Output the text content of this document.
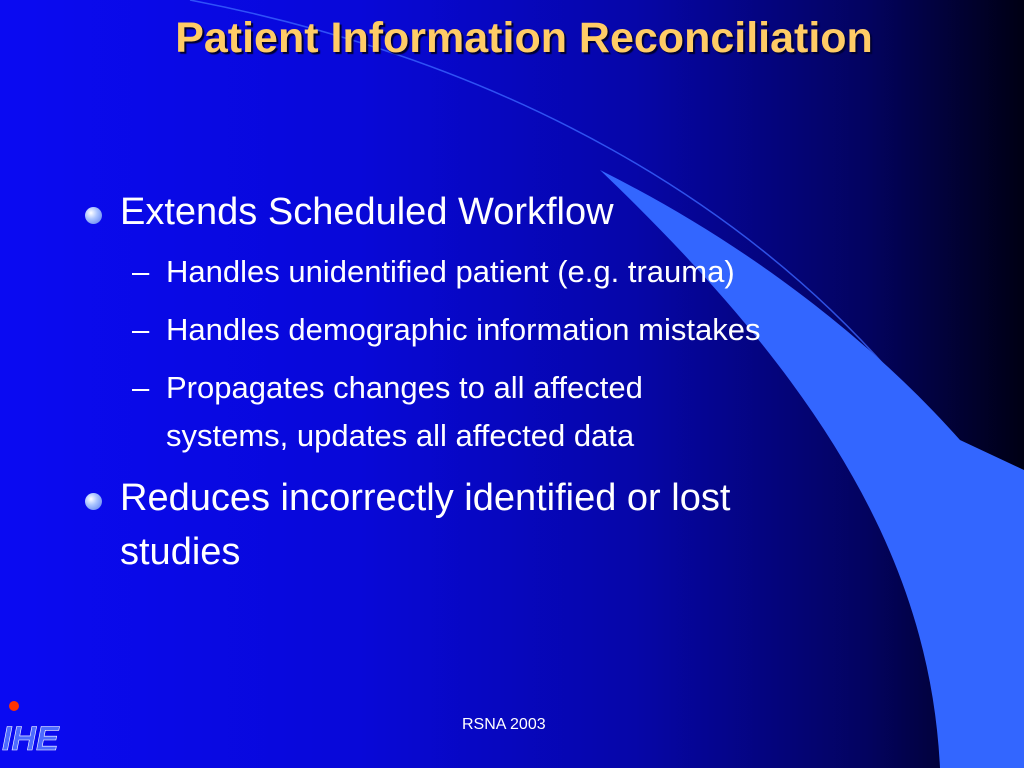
Patient Information Reconciliation
Extends Scheduled Workflow
– Handles unidentified patient (e.g. trauma)
– Handles demographic information mistakes
– Propagates changes to all affected
systems, updates all affected data
Reduces incorrectly identified or lost
studies
RSNA 2003
IHE
